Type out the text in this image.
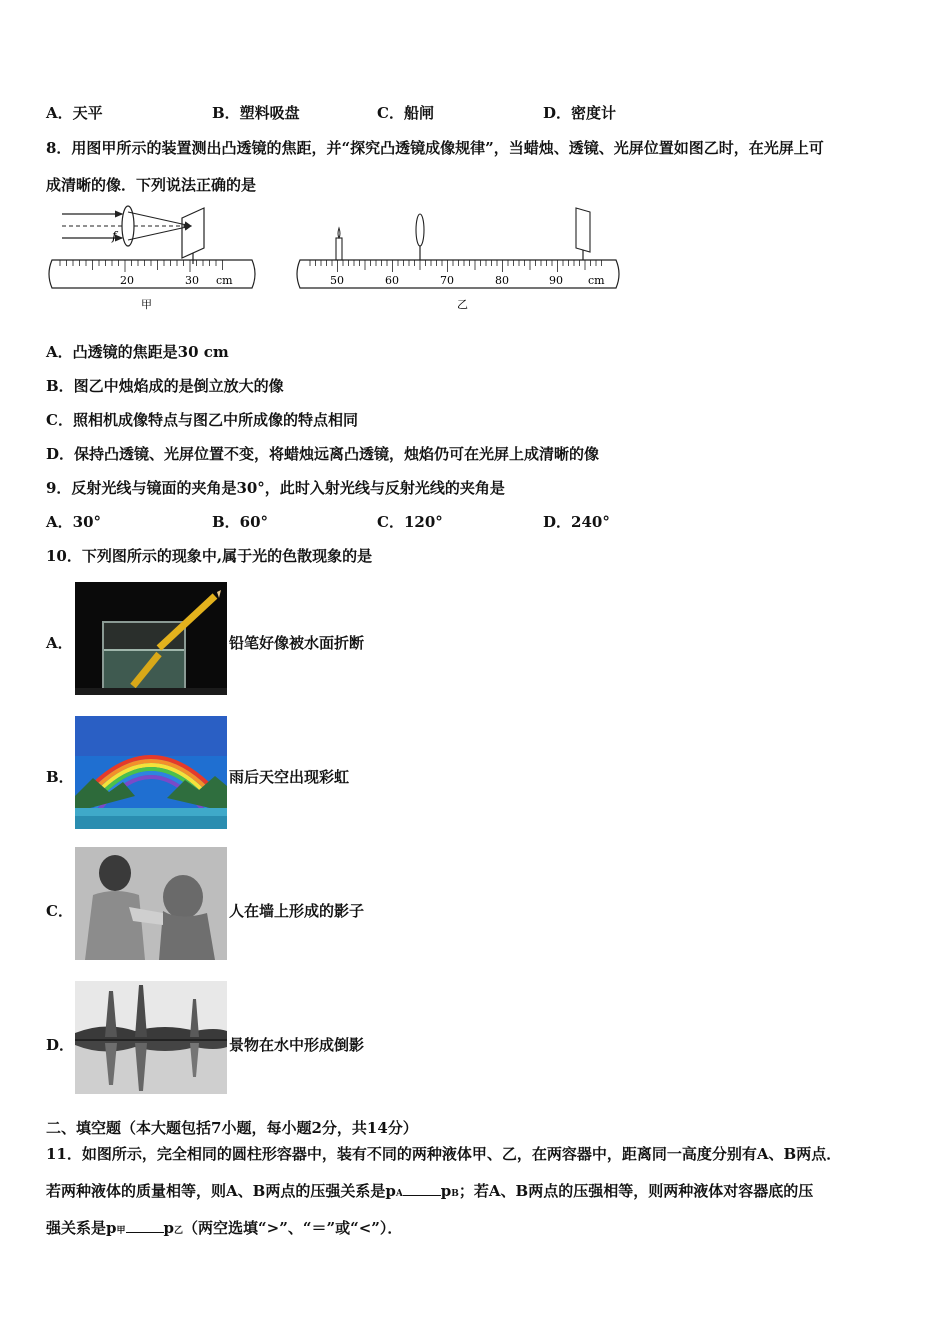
A．天平	B．塑料吸盘	C．船闸	D．密度计
8．用图甲所示的装置测出凸透镜的焦距，并“探究凸透镜成像规律”，当蜡烛、透镜、光屏位置如图乙时，在光屏上可
成清晰的像．下列说法正确的是
f
20	30 cm
甲
50	60	70	80	90 cm
乙
A．凸透镜的焦距是30 cm
B．图乙中烛焰成的是倒立放大的像
C．照相机成像特点与图乙中所成像的特点相同
D．保持凸透镜、光屏位置不变，将蜡烛远离凸透镜，烛焰仍可在光屏上成清晰的像
9．反射光线与镜面的夹角是30°，此时入射光线与反射光线的夹角是
A．30°	B．60°	C．120°	D．240°
10．下列图所示的现象中,属于光的色散现象的是
A．	铅笔好像被水面折断
B．	雨后天空出现彩虹
C．	人在墙上形成的影子
D．	景物在水中形成倒影
二、填空题（本大题包括7小题，每小题2分，共14分）
11．如图所示，完全相同的圆柱形容器中，装有不同的两种液体甲、乙，在两容器中，距离同一高度分别有A、B两点．
若两种液体的质量相等，则A、B两点的压强关系是pA	pB；若A、B两点的压强相等，则两种液体对容器底的压
强关系是p甲	p乙（两空选填“>”、“＝”或“<”）．
